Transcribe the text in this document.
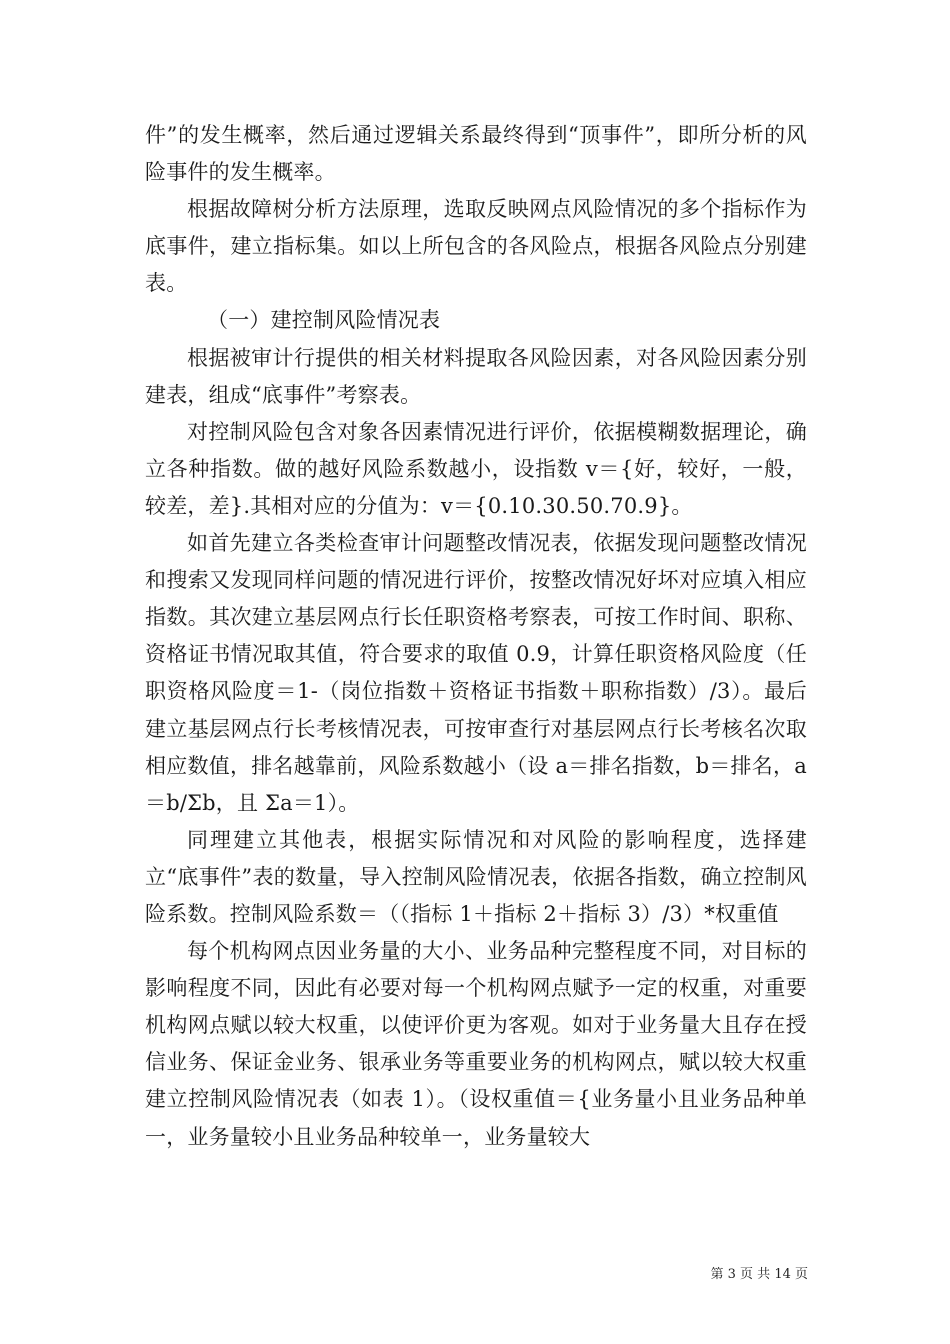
件”的发生概率，然后通过逻辑关系最终得到“顶事件”，即所分析的风险事件的发生概率。

根据故障树分析方法原理，选取反映网点风险情况的多个指标作为底事件，建立指标集。如以上所包含的各风险点，根据各风险点分别建表。

（一）建控制风险情况表

根据被审计行提供的相关材料提取各风险因素，对各风险因素分别建表，组成“底事件”考察表。

对控制风险包含对象各因素情况进行评价，依据模糊数据理论，确立各种指数。做的越好风险系数越小，设指数 v＝{好，较好，一般，较差，差}.其相对应的分值为：v＝{0.10.30.50.70.9}。

如首先建立各类检查审计问题整改情况表，依据发现问题整改情况和搜索又发现同样问题的情况进行评价，按整改情况好坏对应填入相应指数。其次建立基层网点行长任职资格考察表，可按工作时间、职称、资格证书情况取其值，符合要求的取值 0.9，计算任职资格风险度（任职资格风险度＝1-（岗位指数＋资格证书指数＋职称指数）/3）。最后建立基层网点行长考核情况表，可按审查行对基层网点行长考核名次取相应数值，排名越靠前，风险系数越小（设 a＝排名指数，b＝排名，a＝b/Σb，且 Σa＝1）。

同理建立其他表，根据实际情况和对风险的影响程度，选择建立“底事件”表的数量，导入控制风险情况表，依据各指数，确立控制风险系数。控制风险系数＝（（指标 1＋指标 2＋指标 3）/3）*权重值

每个机构网点因业务量的大小、业务品种完整程度不同，对目标的影响程度不同，因此有必要对每一个机构网点赋予一定的权重，对重要机构网点赋以较大权重，以使评价更为客观。如对于业务量大且存在授信业务、保证金业务、银承业务等重要业务的机构网点，赋以较大权重建立控制风险情况表（如表 1）。（设权重值＝{业务量小且业务品种单一，业务量较小且业务品种较单一，业务量较大

第 3 页 共 14 页
